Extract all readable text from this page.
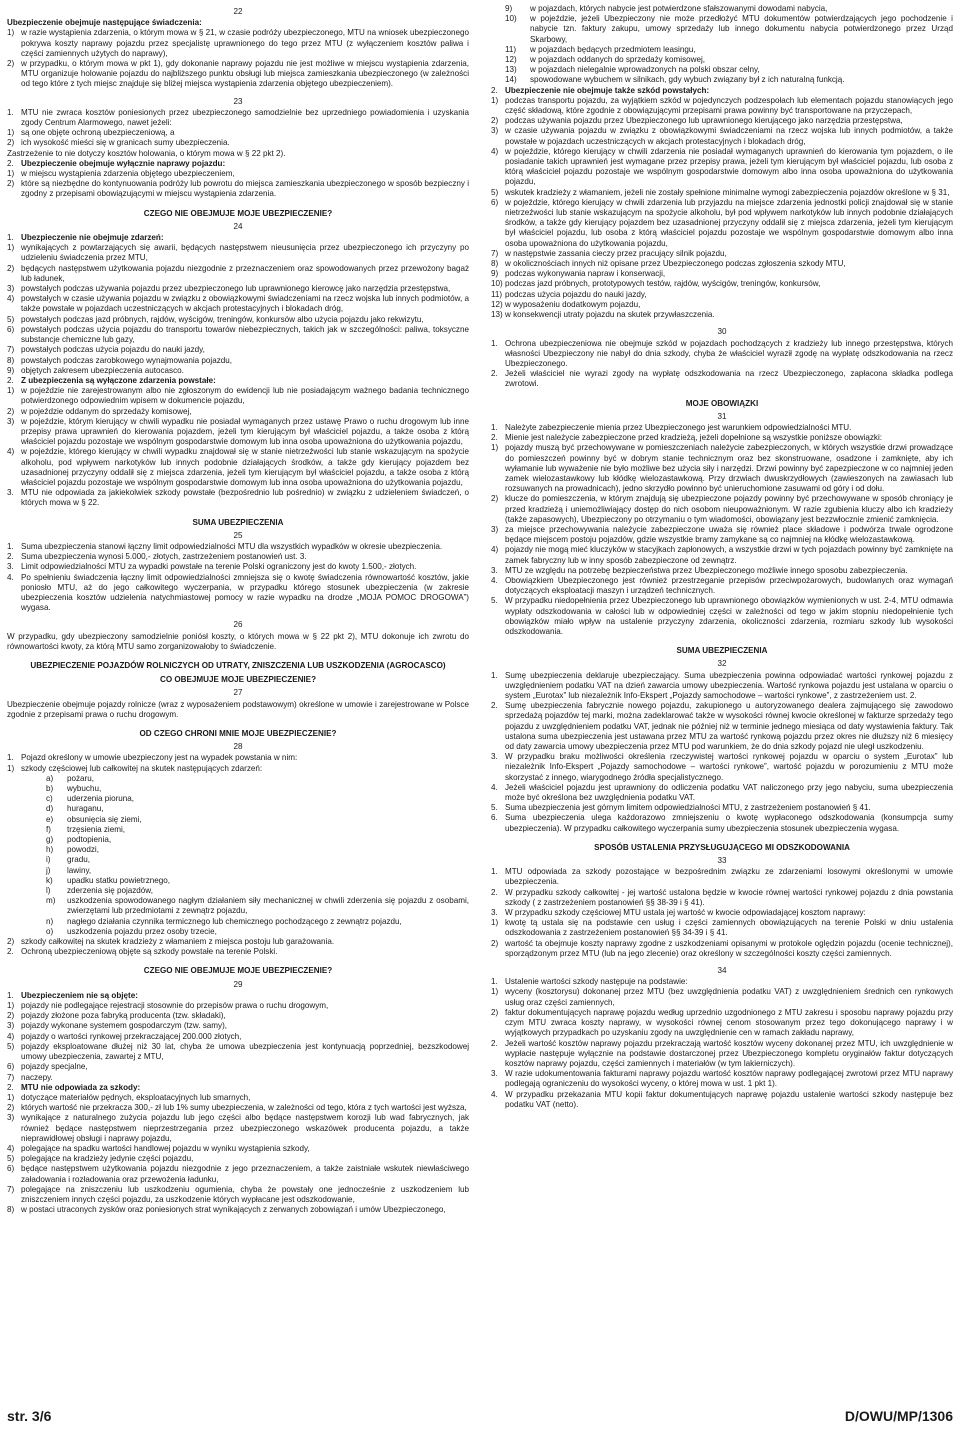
22
Ubezpieczenie obejmuje następujące świadczenia:
1) w razie wystąpienia zdarzenia, o którym mowa w § 21, w czasie podróży ubezpieczonego, MTU na wniosek ubezpieczonego pokrywa koszty naprawy pojazdu przez specjalistę uprawnionego do tego przez MTU (z wyłączeniem kosztów paliwa i części zamiennych użytych do naprawy),
2) w przypadku, o którym mowa w pkt 1), gdy dokonanie naprawy pojazdu nie jest możliwe w miejscu wystąpienia zdarzenia, MTU organizuje holowanie pojazdu do najbliższego punktu obsługi lub miejsca zamieszkania ubezpieczonego (w zależności od tego które z tych miejsc znajduje się bliżej miejsca wystąpienia zdarzenia objętego ubezpieczeniem).
23
1. MTU nie zwraca kosztów poniesionych przez ubezpieczonego samodzielnie bez uprzedniego powiadomienia i uzyskania zgody Centrum Alarmowego, nawet jeżeli:
1) są one objęte ochroną ubezpieczeniową, a
2) ich wysokość mieści się w granicach sumy ubezpieczenia.
Zastrzeżenie to nie dotyczy kosztów holowania, o którym mowa w § 22 pkt 2).
2. Ubezpieczenie obejmuje wyłącznie naprawy pojazdu:
1) w miejscu wystąpienia zdarzenia objętego ubezpieczeniem,
2) które są niezbędne do kontynuowania podróży lub powrotu do miejsca zamieszkania ubezpieczonego w sposób bezpieczny i zgodny z przepisami obowiązującymi w miejscu wystąpienia zdarzenia.
CZEGO NIE OBEJMUJE MOJE UBEZPIECZENIE?
24
1. Ubezpieczenie nie obejmuje zdarzeń:
1) wynikających z powtarzających się awarii, będących następstwem nieusunięcia przez ubezpieczonego ich przyczyny po udzieleniu świadczenia przez MTU,
2) będących następstwem użytkowania pojazdu niezgodnie z przeznaczeniem oraz spowodowanych przez przewożony bagaż lub ładunek,
3) powstałych podczas używania pojazdu przez ubezpieczonego lub uprawnionego kierowcę jako narzędzia przestępstwa,
4) powstałych w czasie używania pojazdu w związku z obowiązkowymi świadczeniami na rzecz wojska lub innych podmiotów, a także powstałe w pojazdach uczestniczących w akcjach protestacyjnych i blokadach dróg,
5) powstałych podczas jazd próbnych, rajdów, wyścigów, treningów, konkursów albo użycia pojazdu jako rekwizytu,
6) powstałych podczas użycia pojazdu do transportu towarów niebezpiecznych, takich jak w szczególności: paliwa, toksyczne substancje chemiczne lub gazy,
7) powstałych podczas użycia pojazdu do nauki jazdy,
8) powstałych podczas zarobkowego wynajmowania pojazdu,
9) objętych zakresem ubezpieczenia autocasco.
2. Z ubezpieczenia są wyłączone zdarzenia powstałe:
1) w pojeździe nie zarejestrowanym albo nie zgłoszonym do ewidencji lub nie posiadającym ważnego badania technicznego potwierdzonego odpowiednim wpisem w dokumencie pojazdu,
2) w pojeździe oddanym do sprzedaży komisowej,
3) w pojeździe, którym kierujący w chwili wypadku nie posiadał wymaganych przez ustawę Prawo o ruchu drogowym lub inne przepisy prawa uprawnień do kierowania pojazdem, jeżeli tym kierującym był właściciel pojazdu, a także osoba z którą właściciel pojazdu pozostaje we wspólnym gospodarstwie domowym lub inna osoba upoważniona do użytkowania pojazdu,
4) w pojeździe, którego kierujący w chwili wypadku znajdował się w stanie nietrzeźwości lub stanie wskazującym na spożycie alkoholu, pod wpływem narkotyków lub innych podobnie działających środków, a także gdy kierujący pojazdem bez uzasadnionej przyczyny oddalił się z miejsca zdarzenia, jeżeli tym kierującym był właściciel pojazdu, a także osoba z którą właściciel pojazdu pozostaje we wspólnym gospodarstwie domowym lub inna osoba upoważniona do użytkowania pojazdu,
3. MTU nie odpowiada za jakiekolwiek szkody powstałe (bezpośrednio lub pośrednio) w związku z udzieleniem świadczeń, o których mowa w § 22.
SUMA UBEZPIECZENIA
25
1. Suma ubezpieczenia stanowi łączny limit odpowiedzialności MTU dla wszystkich wypadków w okresie ubezpieczenia.
2. Suma ubezpieczenia wynosi 5.000,- złotych, zastrzeżeniem postanowień ust. 3.
3. Limit odpowiedzialności MTU za wypadki powstałe na terenie Polski ograniczony jest do kwoty 1.500,- złotych.
4. Po spełnieniu świadczenia łączny limit odpowiedzialności zmniejsza się o kwotę świadczenia równowartość kosztów, jakie poniosło MTU, aż do jego całkowitego wyczerpania, w przypadku którego stosunek ubezpieczenia (w zakresie ubezpieczenia kosztów udzielenia natychmiastowej pomocy w razie wypadku na drodze „MOJA POMOC DROGOWA”) wygasa.
26
W przypadku, gdy ubezpieczony samodzielnie poniósł koszty, o których mowa w § 22 pkt 2), MTU dokonuje ich zwrotu do równowartości kwoty, za którą MTU samo zorganizowałoby to świadczenie.
UBEZPIECZENIE POJAZDÓW ROLNICZYCH OD UTRATY, ZNISZCZENIA LUB USZKODZENIA (AGROCASCO)
CO OBEJMUJE MOJE UBEZPIECZENIE?
27
Ubezpieczenie obejmuje pojazdy rolnicze (wraz z wyposażeniem podstawowym) określone w umowie i zarejestrowane w Polsce zgodnie z przepisami prawa o ruchu drogowym.
OD CZEGO CHRONI MNIE MOJE UBEZPIECZENIE?
28
1. Pojazd określony w umowie ubezpieczony jest na wypadek powstania w nim:
1) szkody częściowej lub całkowitej na skutek następujących zdarzeń:
a)	pożaru,
b)	wybuchu,
c)	uderzenia pioruna,
d)	huraganu,
e)	obsunięcia się ziemi,
f)	trzęsienia ziemi,
g)	podtopienia,
h)	powodzi,
i)	gradu,
j)	lawiny,
k)	upadku statku powietrznego,
l)	zderzenia się pojazdów,
m)	uszkodzenia spowodowanego nagłym działaniem siły mechanicznej w chwili zderzenia się pojazdu z osobami, zwierzętami lub przedmiotami z zewnątrz pojazdu,
n)	nagłego działania czynnika termicznego lub chemicznego pochodzącego z zewnątrz pojazdu,
o)	uszkodzenia pojazdu przez osoby trzecie,
2) szkody całkowitej na skutek kradzieży z włamaniem z miejsca postoju lub garażowania.
2. Ochroną ubezpieczeniową objęte są szkody powstałe na terenie Polski.
CZEGO NIE OBEJMUJE MOJE UBEZPIECZENIE?
29
1. Ubezpieczeniem nie są objęte:
1) pojazdy nie podlegające rejestracji stosownie do przepisów prawa o ruchu drogowym,
2) pojazdy złożone poza fabryką producenta (tzw. składaki),
3) pojazdy wykonane systemem gospodarczym (tzw. samy),
4) pojazdy o wartości rynkowej przekraczającej 200.000 złotych,
5) pojazdy eksploatowane dłużej niż 30 lat, chyba że umowa ubezpieczenia jest kontynuacją poprzedniej, bezszkodowej umowy ubezpieczenia, zawartej z MTU,
6) pojazdy specjalne,
7) naczepy.
2. MTU nie odpowiada za szkody:
1) dotyczące materiałów pędnych, eksploatacyjnych lub smarnych,
2) których wartość nie przekracza 300,- zł lub 1% sumy ubezpieczenia, w zależności od tego, która z tych wartości jest wyższa,
3) wynikające z naturalnego zużycia pojazdu lub jego części albo będące następstwem korozji lub wad fabrycznych, jak również będące następstwem nieprzestrzegania przez ubezpieczonego wskazówek producenta pojazdu, a także nieprawidłowej obsługi i naprawy pojazdu,
4) polegające na spadku wartości handlowej pojazdu w wyniku wystąpienia szkody,
5) polegające na kradzieży jedynie części pojazdu,
6) będące następstwem użytkowania pojazdu niezgodnie z jego przeznaczeniem, a także zaistniałe wskutek niewłaściwego załadowania i rozładowania oraz przewożenia ładunku,
7) polegające na zniszczeniu lub uszkodzeniu ogumienia, chyba że powstały one jednocześnie z uszkodzeniem lub zniszczeniem innych części pojazdu, za uszkodzenie których wypłacane jest odszkodowanie,
8) w postaci utraconych zysków oraz poniesionych strat wynikających z zerwanych zobowiązań i umów Ubezpieczonego,
9)	w pojazdach, których nabycie jest potwierdzone sfałszowanymi dowodami nabycia,
10)	w pojeździe, jeżeli Ubezpieczony nie może przedłożyć MTU dokumentów potwierdzających jego pochodzenie i nabycie tzn. faktury zakupu, umowy sprzedaży lub innego dokumentu nabycia potwierdzonego przez Urząd Skarbowy,
11)	w pojazdach będących przedmiotem leasingu,
12)	w pojazdach oddanych do sprzedaży komisowej,
13)	w pojazdach nielegalnie wprowadzonych na polski obszar celny,
14)	spowodowane wybuchem w silnikach, gdy wybuch związany był z ich naturalną funkcją.
2. Ubezpieczenie nie obejmuje także szkód powstałych:
1) podczas transportu pojazdu, za wyjątkiem szkód w pojedynczych podzespołach lub elementach pojazdu stanowiących jego część składową, które zgodnie z obowiązującymi przepisami prawa powinny być transportowane na przyczepach,
2) podczas używania pojazdu przez Ubezpieczonego lub uprawnionego kierującego jako narzędzia przestępstwa,
3) w czasie używania pojazdu w związku z obowiązkowymi świadczeniami na rzecz wojska lub innych podmiotów, a także powstałe w pojazdach uczestniczących w akcjach protestacyjnych i blokadach dróg,
4) w pojeździe, którego kierujący w chwili zdarzenia nie posiadał wymaganych uprawnień do kierowania tym pojazdem, o ile posiadanie takich uprawnień jest wymagane przez przepisy prawa, jeżeli tym kierującym był właściciel pojazdu, lub osoba z którą właściciel pojazdu pozostaje we wspólnym gospodarstwie domowym albo inna osoba upoważniona do użytkowania pojazdu,
5) wskutek kradzieży z włamaniem, jeżeli nie zostały spełnione minimalne wymogi zabezpieczenia pojazdów określone w § 31,
6) w pojeździe, którego kierujący w chwili zdarzenia lub przyjazdu na miejsce zdarzenia jednostki policji znajdował się w stanie nietrzeźwości lub stanie wskazującym na spożycie alkoholu, był pod wpływem narkotyków lub innych podobnie działających środków, a także gdy kierujący pojazdem bez uzasadnionej przyczyny oddalił się z miejsca zdarzenia, jeżeli tym kierującym był właściciel pojazdu, lub osoba z którą właściciel pojazdu pozostaje we wspólnym gospodarstwie domowym albo inna osoba upoważniona do użytkowania pojazdu,
7) w następstwie zassania cieczy przez pracujący silnik pojazdu,
8) w okolicznościach innych niż opisane przez Ubezpieczonego podczas zgłoszenia szkody MTU,
9) podczas wykonywania napraw i konserwacji,
10) podczas jazd próbnych, prototypowych testów, rajdów, wyścigów, treningów, konkursów,
11) podczas użycia pojazdu do nauki jazdy,
12) w wyposażeniu dodatkowym pojazdu,
13) w konsekwencji utraty pojazdu na skutek przywłaszczenia.
30
1. Ochrona ubezpieczeniowa nie obejmuje szkód w pojazdach pochodzących z kradzieży lub innego przestępstwa, których własności Ubezpieczony nie nabył do dnia szkody, chyba że właściciel wyraził zgodę na wypłatę odszkodowania na rzecz Ubezpieczonego.
2. Jeżeli właściciel nie wyrazi zgody na wypłatę odszkodowania na rzecz Ubezpieczonego, zapłacona składka podlega zwrotowi.
MOJE OBOWIĄZKI
31
1. Należyte zabezpieczenie mienia przez Ubezpieczonego jest warunkiem odpowiedzialności MTU.
2. Mienie jest należycie zabezpieczone przed kradzieżą, jeżeli dopełnione są wszystkie poniższe obowiązki:
1) pojazdy muszą być przechowywane w pomieszczeniach należycie zabezpieczonych, w których wszystkie drzwi prowadzące do pomieszczeń powinny być w dobrym stanie technicznym oraz bez skonstruowane, osadzone i zamknięte, aby ich wyłamanie lub wyważenie nie było możliwe bez użycia siły i narzędzi. Drzwi powinny być zapezpieczone w co najmniej jeden zamek wielozastawkowy lub kłódkę wielozastawkową. Przy drzwiach dwuskrzydłowych (zawieszonych na zawiasach lub rozsuwanych na prowadnicach), jedno skrzydło powinno być unieruchomione zasuwami od góry i od dołu.
2) klucze do pomieszczenia, w którym znajdują się ubezpieczone pojazdy powinny być przechowywane w sposób chroniący je przed kradzieżą i uniemożliwiający dostęp do nich osobom nieupoważnionym. W razie zgubienia kluczy albo ich kradzieży (także zapasowych), Ubezpieczony po otrzymaniu o tym wiadomości, obowiązany jest bezzwłocznie zmienić zamknięcia.
3) za miejsce przechowywania należycie zabezpieczone uważa się również place składowe i podwórza trwale ogrodzone będące miejscem postoju pojazdów, gdzie wszystkie bramy zamykane są co najmniej na kłódkę wielozastawkową.
4) pojazdy nie mogą mieć kluczyków w stacyjkach zapłonowych, a wszystkie drzwi w tych pojazdach powinny być zamknięte na zamek fabryczny lub w inny sposób zabezpieczone od zewnątrz.
3. MTU ze względu na potrzebę bezpieczeństwa przez Ubezpieczonego możliwie innego sposobu zabezpieczenia.
4. Obowiązkiem Ubezpieczonego jest również przestrzeganie przepisów przeciwpożarowych, budowlanych oraz wymagań dotyczących eksploatacji maszyn i urządzeń technicznych.
5. W przypadku niedopełnienia przez Ubezpieczonego lub uprawnionego obowiązków wymienionych w ust. 2-4, MTU odmawia wypłaty odszkodowania w całości lub w odpowiedniej części w zależności od tego w jakim stopniu niedopełnienie tych obowiązków miało wpływ na ustalenie przyczyny zdarzenia, okoliczności zdarzenia, rozmiaru szkody lub wysokości odszkodowania.
SUMA UBEZPIECZENIA
32
1. Sumę ubezpieczenia deklaruje ubezpieczający. Suma ubezpieczenia powinna odpowiadać wartości rynkowej pojazdu z uwzględnieniem podatku VAT na dzień zawarcia umowy ubezpieczenia. Wartość rynkowa pojazdu jest ustalana w oparciu o system „Eurotax” lub niezależnik Info-Ekspert „Pojazdy samochodowe – wartości rynkowe”, z zastrzeżeniem ust. 2.
2. Sumę ubezpieczenia fabrycznie nowego pojazdu, zakupionego u autoryzowanego dealera zajmującego się zawodowo sprzedażą pojazdów tej marki, można zadeklarować także w wysokości równej kwocie określonej w fakturze sprzedaży tego pojazdu z uwzględnieniem podatku VAT, jednak nie później niż w terminie jednego miesiąca od daty wystawienia faktury. Tak ustalona suma ubezpieczenia jest ustawana przez MTU za wartość rynkową pojazdu przez okres nie dłuższy niż 6 miesięcy od daty zawarcia umowy ubezpieczenia przez MTU pod warunkiem, że do dnia szkody pojazd nie uległ uszkodzeniu.
3. W przypadku braku możliwości określenia rzeczywistej wartości rynkowej pojazdu w oparciu o system „Eurotax” lub niezależnik Info-Ekspert „Pojazdy samochodowe – wartości rynkowe”, wartość pojazdu w porozumieniu z MTU może skorzystać z innego, wiarygodnego źródła specjalistycznego.
4. Jeżeli właściciel pojazdu jest uprawniony do odliczenia podatku VAT naliczonego przy jego nabyciu, suma ubezpieczenia może być określona bez uwzględnienia podatku VAT.
5. Suma ubezpieczenia jest górnym limitem odpowiedzialności MTU, z zastrzeżeniem postanowień § 41.
6. Suma ubezpieczenia ulega każdorazowo zmniejszeniu o kwotę wypłaconego odszkodowania (konsumpcja sumy ubezpieczenia). W przypadku całkowitego wyczerpania sumy ubezpieczenia stosunek ubezpieczenia wygasa.
SPOSÓB USTALENIA PRZYSŁUGUJĄCEGO MI ODSZKODOWANIA
33
1. MTU odpowiada za szkody pozostające w bezpośrednim związku ze zdarzeniami losowymi określonymi w umowie ubezpieczenia.
2. W przypadku szkody całkowitej - jej wartość ustalona będzie w kwocie równej wartości rynkowej pojazdu z dnia powstania szkody ( z zastrzeżeniem postanowień §§ 38-39 i § 41).
3. W przypadku szkody częściowej MTU ustala jej wartość w kwocie odpowiadającej kosztom naprawy:
1) kwotę tą ustala się na podstawie cen usług i części zamiennych obowiązujących na terenie Polski w dniu ustalenia odszkodowania z zastrzeżeniem postanowień §§ 34-39 i § 41.
2) wartość ta obejmuje koszty naprawy zgodne z uszkodzeniami opisanymi w protokole oględzin pojazdu (ocenie technicznej), sporządzonym przez MTU (lub na jego zlecenie) oraz określony w szczególności koszty części zamiennych.
34
1. Ustalenie wartości szkody następuje na podstawie:
1) wyceny (kosztorysu) dokonanej przez MTU (bez uwzględnienia podatku VAT) z uwzględnieniem średnich cen rynkowych usług oraz części zamiennych,
2) faktur dokumentujących naprawę pojazdu według uprzednio uzgodnionego z MTU zakresu i sposobu naprawy pojazdu przy czym MTU zwraca koszty naprawy, w wysokości równej cenom stosowanym przez tego dokonującego naprawy i w wyjątkowych przypadkach po uzyskaniu zgody na uwzględnienie cen w ramach zakładu naprawy,
2. Jeżeli wartość kosztów naprawy pojazdu przekraczają wartość kosztów wyceny dokonanej przez MTU, ich uwzględnienie w wypłacie następuje wyłącznie na podstawie dostarczonej przez Ubezpieczonego kompletu oryginałów faktur dotyczących kosztów naprawy pojazdu, części zamiennych i materiałów (w tym lakierniczych).
3. W razie udokumentowania fakturami naprawy pojazdu wartość kosztów naprawy podlegającej zwrotowi przez MTU naprawy podlegają ograniczeniu do wysokości wyceny, o której mowa w ust. 1 pkt 1).
4. W przypadku przekazania MTU kopii faktur dokumentujących naprawę pojazdu ustalenie wartości szkody następuje bez podatku VAT (netto).
str. 3/6	D/OWU/MP/1306
